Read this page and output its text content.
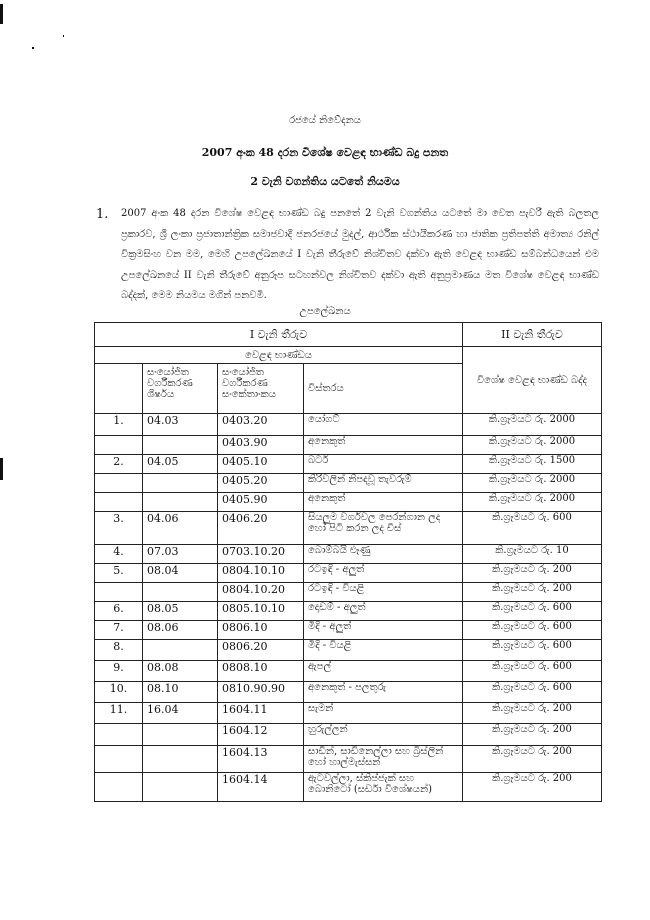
රජයේ නිවේදනය
2007 අංක 48 දරන විශේෂ වෙළඳ භාණ්ඩ බදු පනත
2 වැනි වගන්තිය යටතේ නියමය
1. 2007 අංක 48 දරන විශේෂ වෙළඳ භාණ්ඩ බදු පනතේ 2 වැනි වගන්තිය යටතේ මා වෙත පැවරී ඇති බලතල ප්‍රකාරව, ශ්‍රී ලංකා ප්‍රජාතාන්ත්‍රික සමාජවාදී ජනරජයේ මුදල්, ආර්ථික ස්ථායීකරණ හා ජාතික ප්‍රතිපත්ති අමාත්‍ය රනිල් වික්‍රමසිංහ වන මම, මෙහි උපලේඛනයේ I වැනි තීරුවේ නිශ්චිතව දක්වා ඇති වෙළඳ භාණ්ඩ සම්බන්ධයෙන් එම උපලේඛනයේ II වැනි තීරුවේ අනුරූප සටහන්වල නිශ්චිතව දක්වා ඇති අනුප්‍රමාණය මත විශේෂ වෙළඳ භාණ්ඩ බද්දක්, මෙම නියමය මගින් පනවමි.
උපලේඛනය
I වැනි තීරුව				II වැනි තීරුව
වෙළඳ භාණ්ඩය				විශේෂ වෙළඳ භාණ්ඩ බද්ද
	සංයෝජිත වර්ගීකරණ ශීර්ෂය	සංයෝජිත වර්ගීකරණ සංකේතාංකය	විස්තරය	
1.	04.03	0403.20	යෝගට්	කි.ග්‍රෑමයට රු. 2000
		0403.90	අනෙකුත්	කි.ග්‍රෑමයට රු. 2000
2.	04.05	0405.10	බටර්	කි.ග්‍රෑමයට රු. 1500
		0405.20	කිරිවලින් නිපදවූ තැවරුම්	කි.ග්‍රෑමයට රු. 2000
		0405.90	අනෙකුත්	කි.ග්‍රෑමයට රු. 2000
3.	04.06	0406.20	සියලුම වර්ගවල පෙරන්ගාන ලද හෝ පිටි කරන ලද චීස්	කි.ග්‍රෑමයට රු. 600
4.	07.03	0703.10.20	බොම්බයි ළූණු	කි.ග්‍රෑමයට රු. 10
5.	08.04	0804.10.10	රටඉඳි - අලුත්	කි.ග්‍රෑමයට රු. 200
		0804.10.20	රටඉඳි - වියළි	කි.ග්‍රෑමයට රු. 200
6.	08.05	0805.10.10	දොඩම් - අලුත්	කි.ග්‍රෑමයට රු. 600
7.	08.06	0806.10	මිදි - අලුත්	කි.ග්‍රෑමයට රු. 600
8.		0806.20	මිදි - වියළි	කි.ග්‍රෑමයට රු. 600
9.	08.08	0808.10	ඇපල්	කි.ග්‍රෑමයට රු. 600
10.	08.10	0810.90.90	අනෙකුත් - පලතුරු	කි.ග්‍රෑමයට රු. 600
11.	16.04	1604.11	සැමන්	කි.ග්‍රෑමයට රු. 200
		1604.12	හුරුල්ලන්	කි.ග්‍රෑමයට රු. 200
		1604.13	සාඩින්, සාඩිනෙල්ලා සහ බ්‍රිස්ලින් හෝ හාල්මැස්සන්	කි.ග්‍රෑමයට රු. 200
		1604.14	ඇටවල්ලා, ස්කිප්ජැක් සහ බොනිටෝ (සර්ඩා විශේෂයන්)	කි.ග්‍රෑමයට රු. 200
